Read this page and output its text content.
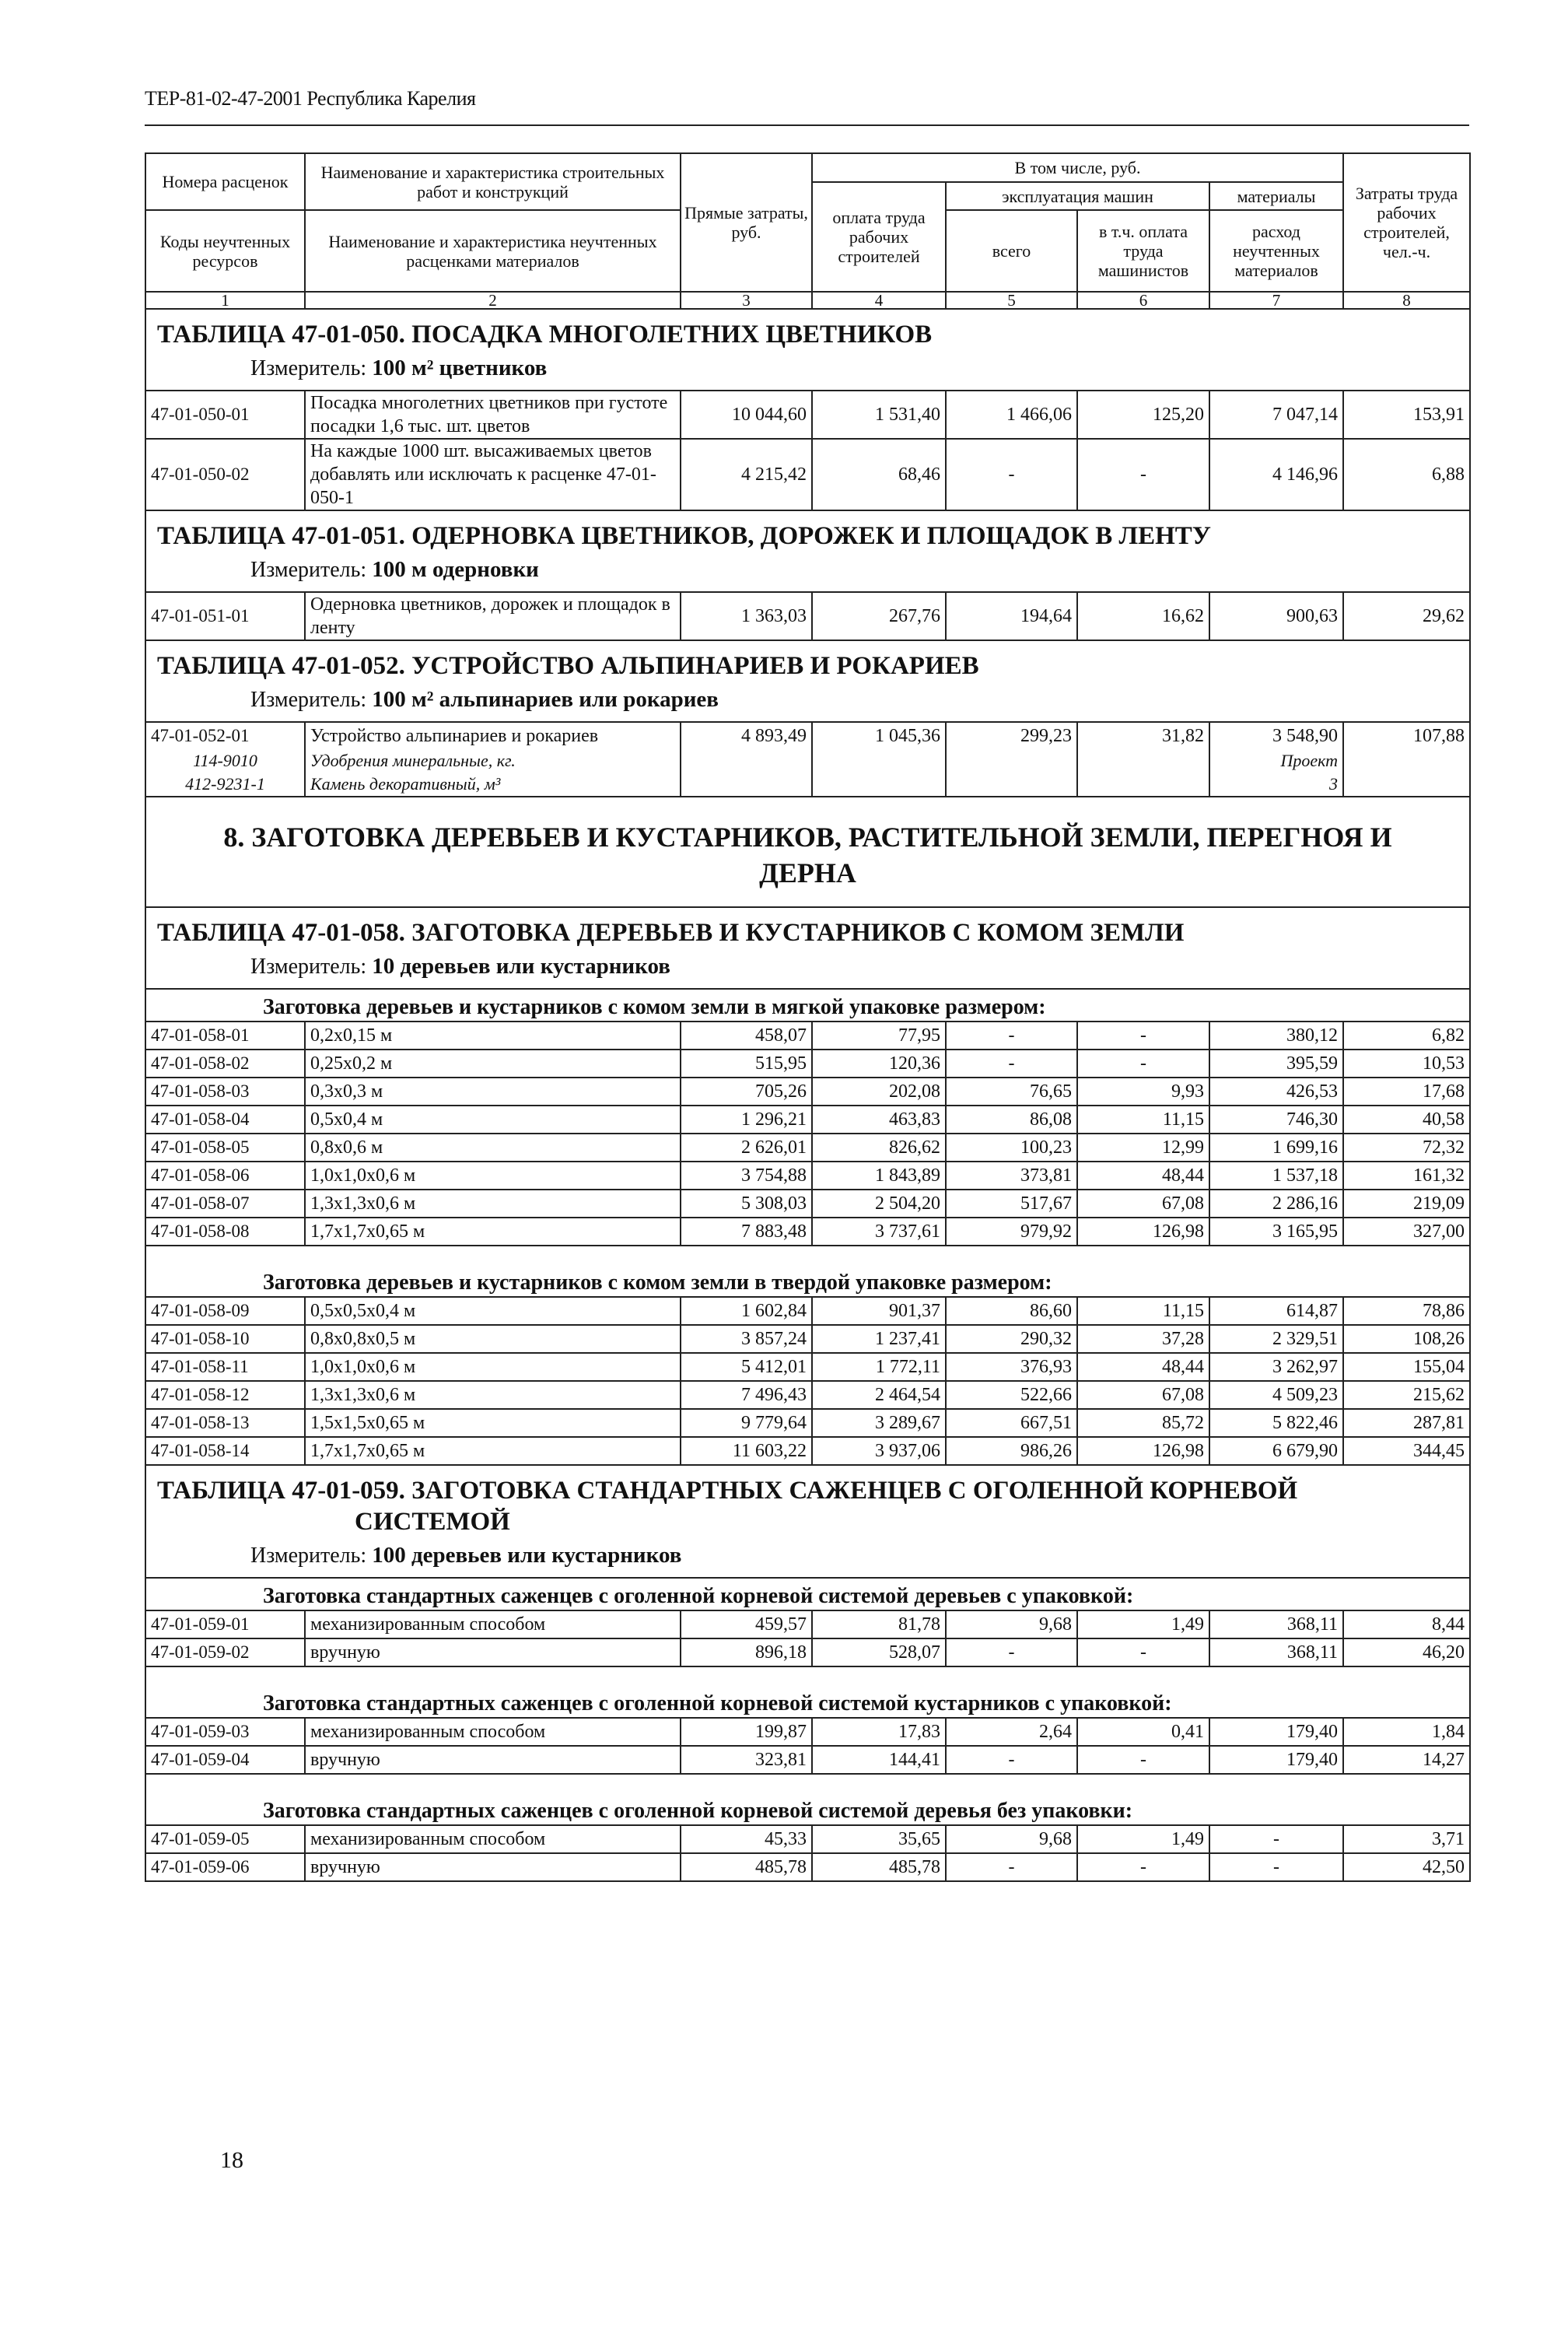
ТЕР-81-02-47-2001 Республика Карелия
Номера расценок	Наименование и характеристика строительных работ и конструкций	Прямые затраты, руб.	В том числе, руб.				Затраты труда рабочих строителей, чел.-ч.
			оплата труда рабочих строителей	эксплуатация машин		материалы	
Коды неучтенных ресурсов	Наименование и характеристика неучтенных расценками материалов			всего	в т.ч. оплата труда машинистов	расход неучтенных материалов	
1	2	3	4	5	6	7	8

ТАБЛИЦА 47-01-050. ПОСАДКА МНОГОЛЕТНИХ ЦВЕТНИКОВ
Измеритель: 100 м² цветников							

47-01-050-01	Посадка многолетних цветников при густоте посадки 1,6 тыс. шт. цветов	10 044,60	1 531,40	1 466,06	125,20	7 047,14	153,91
47-01-050-02	На каждые 1000 шт. высаживаемых цветов добавлять или исключать к расценке 47-01-050-1	4 215,42	68,46	-	-	4 146,96	6,88

ТАБЛИЦА 47-01-051. ОДЕРНОВКА ЦВЕТНИКОВ, ДОРОЖЕК И ПЛОЩАДОК В ЛЕНТУ
Измеритель: 100 м одерновки							

47-01-051-01	Одерновка цветников, дорожек и площадок в ленту	1 363,03	267,76	194,64	16,62	900,63	29,62

ТАБЛИЦА 47-01-052. УСТРОЙСТВО АЛЬПИНАРИЕВ И РОКАРИЕВ
Измеритель: 100 м² альпинариев или рокариев							

47-01-052-01	Устройство альпинариев и рокариев	4 893,49	1 045,36	299,23	31,82	3 548,90	107,88
114-9010	Удобрения минеральные, кг.					Проект	
412-9231-1	Камень декоративный, м³					3	
8. ЗАГОТОВКА ДЕРЕВЬЕВ И КУСТАРНИКОВ, РАСТИТЕЛЬНОЙ ЗЕМЛИ, ПЕРЕГНОЯ И ДЕРНА							

ТАБЛИЦА 47-01-058. ЗАГОТОВКА ДЕРЕВЬЕВ И КУСТАРНИКОВ С КОМОМ ЗЕМЛИ
Измеритель: 10 деревьев или кустарников							

Заготовка деревьев и кустарников с комом земли в мягкой упаковке размером:							
47-01-058-01	0,2х0,15 м	458,07	77,95	-	-	380,12	6,82
47-01-058-02	0,25х0,2 м	515,95	120,36	-	-	395,59	10,53
47-01-058-03	0,3х0,3 м	705,26	202,08	76,65	9,93	426,53	17,68
47-01-058-04	0,5х0,4 м	1 296,21	463,83	86,08	11,15	746,30	40,58
47-01-058-05	0,8х0,6 м	2 626,01	826,62	100,23	12,99	1 699,16	72,32
47-01-058-06	1,0х1,0х0,6 м	3 754,88	1 843,89	373,81	48,44	1 537,18	161,32
47-01-058-07	1,3х1,3х0,6 м	5 308,03	2 504,20	517,67	67,08	2 286,16	219,09
47-01-058-08	1,7х1,7х0,65 м	7 883,48	3 737,61	979,92	126,98	3 165,95	327,00
Заготовка деревьев и кустарников с комом земли в твердой упаковке размером:							
47-01-058-09	0,5х0,5х0,4 м	1 602,84	901,37	86,60	11,15	614,87	78,86
47-01-058-10	0,8х0,8х0,5 м	3 857,24	1 237,41	290,32	37,28	2 329,51	108,26
47-01-058-11	1,0х1,0х0,6 м	5 412,01	1 772,11	376,93	48,44	3 262,97	155,04
47-01-058-12	1,3х1,3х0,6 м	7 496,43	2 464,54	522,66	67,08	4 509,23	215,62
47-01-058-13	1,5х1,5х0,65 м	9 779,64	3 289,67	667,51	85,72	5 822,46	287,81
47-01-058-14	1,7х1,7х0,65 м	11 603,22	3 937,06	986,26	126,98	6 679,90	344,45

ТАБЛИЦА 47-01-059. ЗАГОТОВКА СТАНДАРТНЫХ САЖЕНЦЕВ С ОГОЛЕННОЙ КОРНЕВОЙ
СИСТЕМОЙ
Измеритель: 100 деревьев или кустарников							

Заготовка стандартных саженцев с оголенной корневой системой деревьев с упаковкой:							
47-01-059-01	механизированным способом	459,57	81,78	9,68	1,49	368,11	8,44
47-01-059-02	вручную	896,18	528,07	-	-	368,11	46,20
Заготовка стандартных саженцев с оголенной корневой системой кустарников с упаковкой:							
47-01-059-03	механизированным способом	199,87	17,83	2,64	0,41	179,40	1,84
47-01-059-04	вручную	323,81	144,41	-	-	179,40	14,27
Заготовка стандартных саженцев с оголенной корневой системой деревья без упаковки:							
47-01-059-05	механизированным способом	45,33	35,65	9,68	1,49	-	3,71
47-01-059-06	вручную	485,78	485,78	-	-	-	42,50
18
